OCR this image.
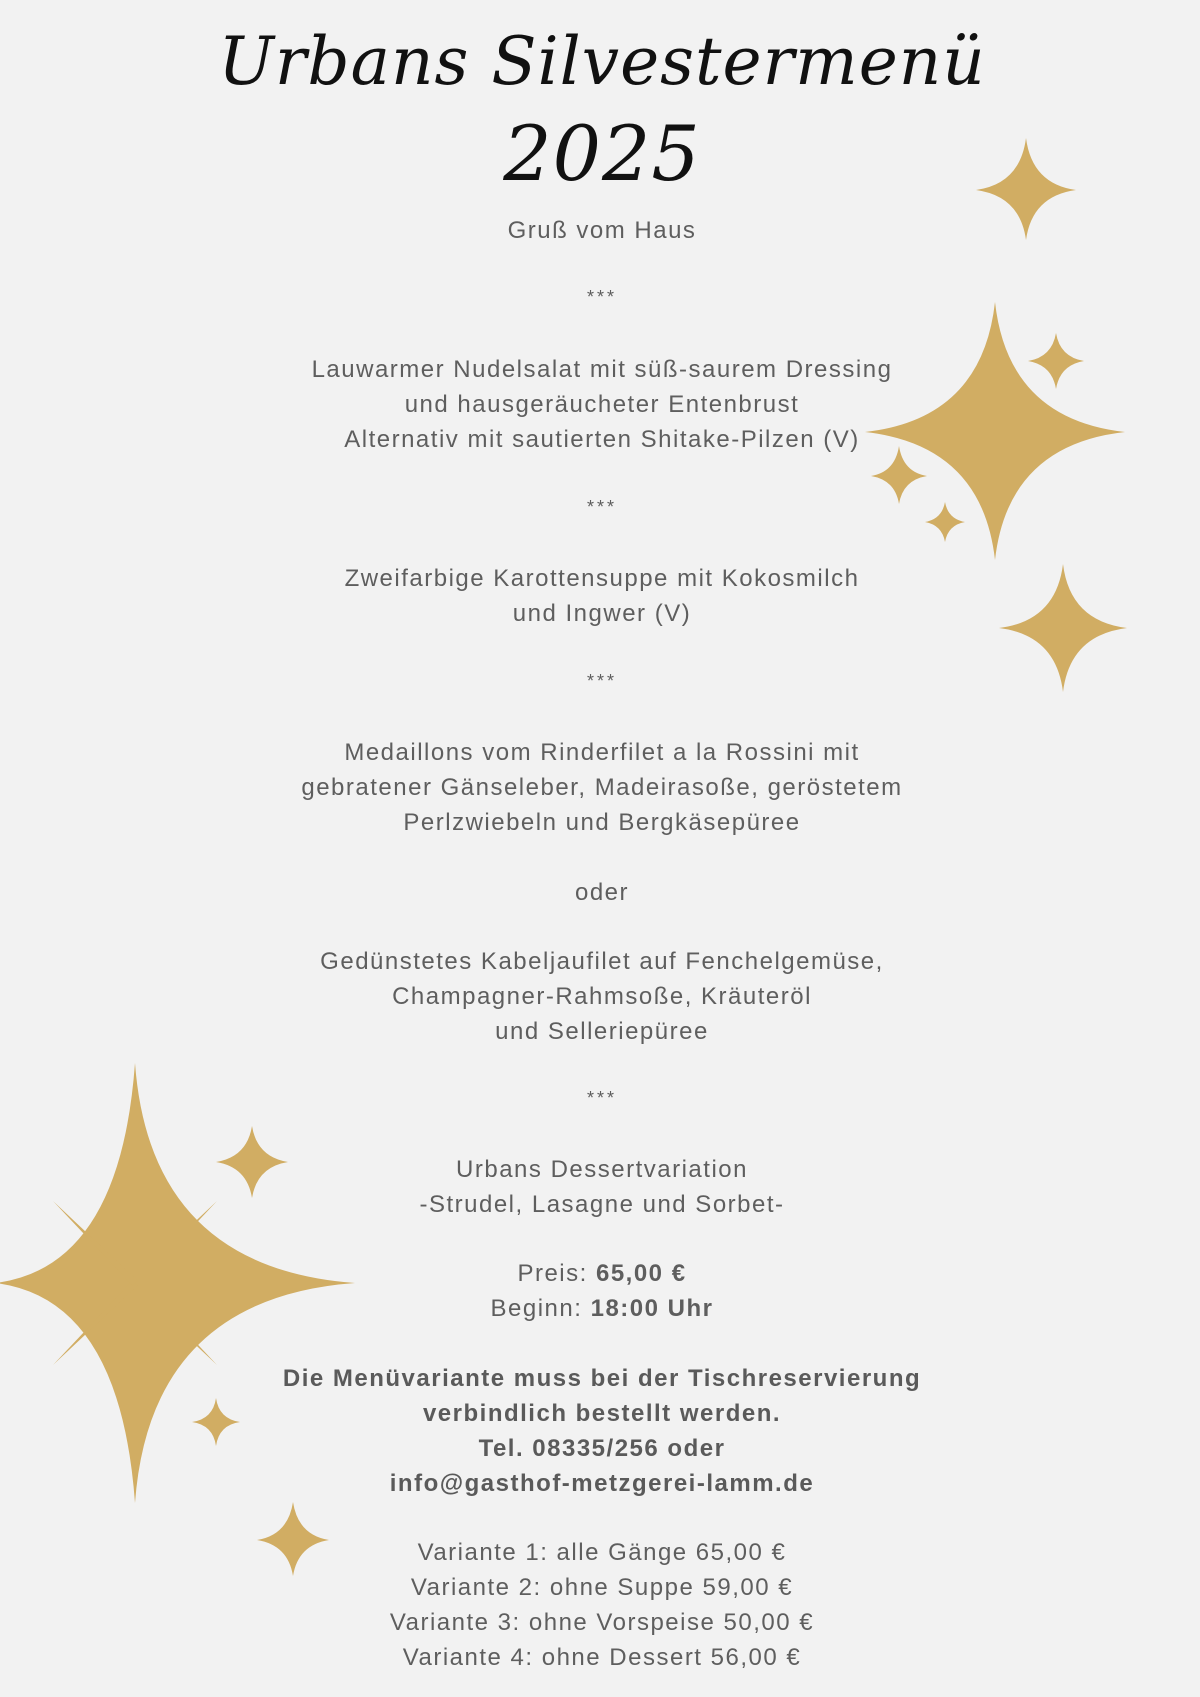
Urbans Silvestermenü
2025
Gruß vom Haus
***
Lauwarmer Nudelsalat mit süß-saurem Dressing
und hausgeräucheter Entenbrust
Alternativ mit sautierten Shitake-Pilzen (V)
***
Zweifarbige Karottensuppe mit Kokosmilch
und Ingwer (V)
***
Medaillons vom Rinderfilet a la Rossini mit
gebratener Gänseleber, Madeirasoße, geröstetem
Perlzwiebeln und Bergkäsepüree
oder
Gedünstetes Kabeljaufilet auf Fenchelgemüse,
Champagner-Rahmsoße, Kräuteröl
und Selleriepüree
***
Urbans Dessertvariation
-Strudel, Lasagne und Sorbet-
Preis: 65,00 €
Beginn: 18:00 Uhr
Die Menüvariante muss bei der Tischreservierung
verbindlich bestellt werden.
Tel. 08335/256 oder
info@gasthof-metzgerei-lamm.de
Variante 1: alle Gänge 65,00 €
Variante 2: ohne Suppe 59,00 €
Variante 3: ohne Vorspeise 50,00 €
Variante 4: ohne Dessert 56,00 €
